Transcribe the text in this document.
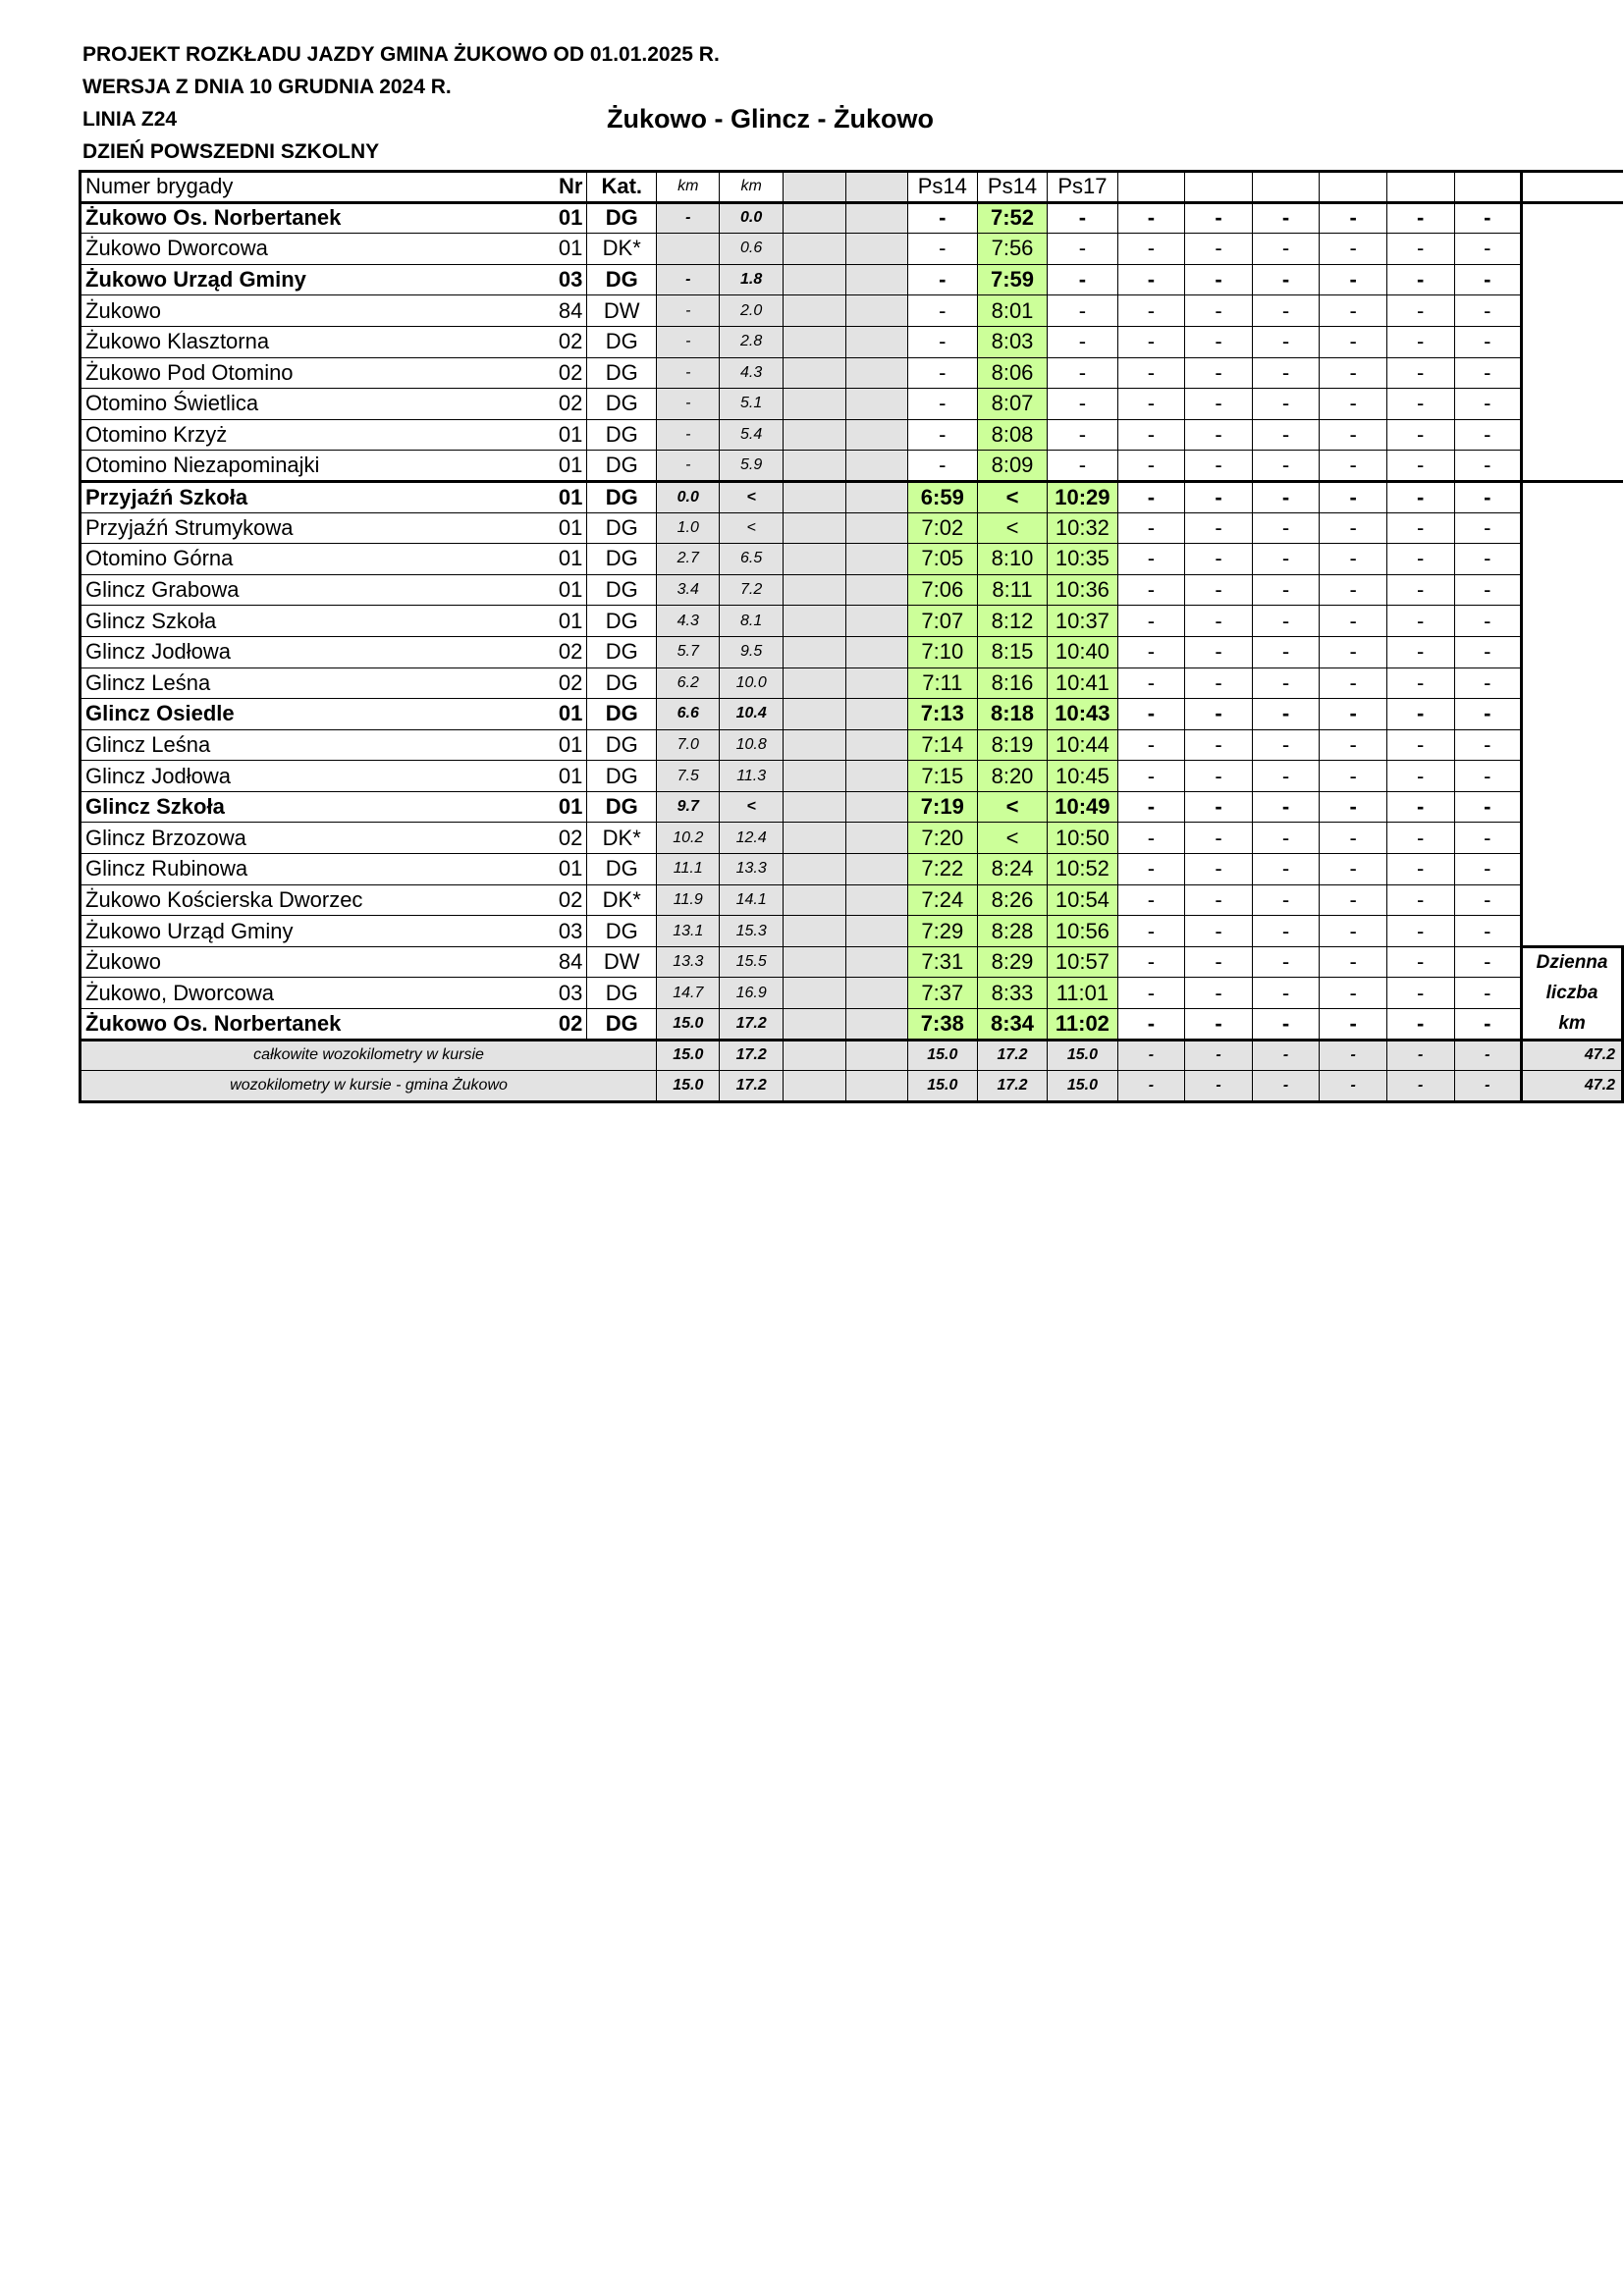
PROJEKT ROZKŁADU JAZDY GMINA ŻUKOWO OD 01.01.2025 R.
WERSJA Z DNIA 10 GRUDNIA 2024 R.
LINIA Z24
DZIEŃ POWSZEDNI SZKOLNY
Żukowo - Glincz - Żukowo
Numer brygady	Nr	Kat.	km	km			Ps14	Ps14	Ps17							
Żukowo Os. Norbertanek	01	DG	-	0.0			-	7:52	-	-	-	-	-	-	-	
Żukowo Dworcowa	01	DK*		0.6			-	7:56	-	-	-	-	-	-	-	
Żukowo Urząd Gminy	03	DG	-	1.8			-	7:59	-	-	-	-	-	-	-	
Żukowo	84	DW	-	2.0			-	8:01	-	-	-	-	-	-	-	
Żukowo Klasztorna	02	DG	-	2.8			-	8:03	-	-	-	-	-	-	-	
Żukowo Pod Otomino	02	DG	-	4.3			-	8:06	-	-	-	-	-	-	-	
Otomino Świetlica	02	DG	-	5.1			-	8:07	-	-	-	-	-	-	-	
Otomino Krzyż	01	DG	-	5.4			-	8:08	-	-	-	-	-	-	-	
Otomino Niezapominajki	01	DG	-	5.9			-	8:09	-	-	-	-	-	-	-	
Przyjaźń Szkoła	01	DG	0.0	<			6:59	<	10:29	-	-	-	-	-	-	
Przyjaźń Strumykowa	01	DG	1.0	<			7:02	<	10:32	-	-	-	-	-	-	
Otomino Górna	01	DG	2.7	6.5			7:05	8:10	10:35	-	-	-	-	-	-	
Glincz Grabowa	01	DG	3.4	7.2			7:06	8:11	10:36	-	-	-	-	-	-	
Glincz Szkoła	01	DG	4.3	8.1			7:07	8:12	10:37	-	-	-	-	-	-	
Glincz Jodłowa	02	DG	5.7	9.5			7:10	8:15	10:40	-	-	-	-	-	-	
Glincz Leśna	02	DG	6.2	10.0			7:11	8:16	10:41	-	-	-	-	-	-	
Glincz Osiedle	01	DG	6.6	10.4			7:13	8:18	10:43	-	-	-	-	-	-	
Glincz Leśna	01	DG	7.0	10.8			7:14	8:19	10:44	-	-	-	-	-	-	
Glincz Jodłowa	01	DG	7.5	11.3			7:15	8:20	10:45	-	-	-	-	-	-	
Glincz Szkoła	01	DG	9.7	<			7:19	<	10:49	-	-	-	-	-	-	
Glincz Brzozowa	02	DK*	10.2	12.4			7:20	<	10:50	-	-	-	-	-	-	
Glincz Rubinowa	01	DG	11.1	13.3			7:22	8:24	10:52	-	-	-	-	-	-	
Żukowo Kościerska Dworzec	02	DK*	11.9	14.1			7:24	8:26	10:54	-	-	-	-	-	-	
Żukowo Urząd Gminy	03	DG	13.1	15.3			7:29	8:28	10:56	-	-	-	-	-	-	
Żukowo	84	DW	13.3	15.5			7:31	8:29	10:57	-	-	-	-	-	-	Dzienna
Żukowo, Dworcowa	03	DG	14.7	16.9			7:37	8:33	11:01	-	-	-	-	-	-	liczba
Żukowo Os. Norbertanek	02	DG	15.0	17.2			7:38	8:34	11:02	-	-	-	-	-	-	km
całkowite wozokilometry w kursie			15.0	17.2			15.0	17.2	15.0	-	-	-	-	-	-	47.2
wozokilometry w kursie - gmina Żukowo			15.0	17.2			15.0	17.2	15.0	-	-	-	-	-	-	47.2
